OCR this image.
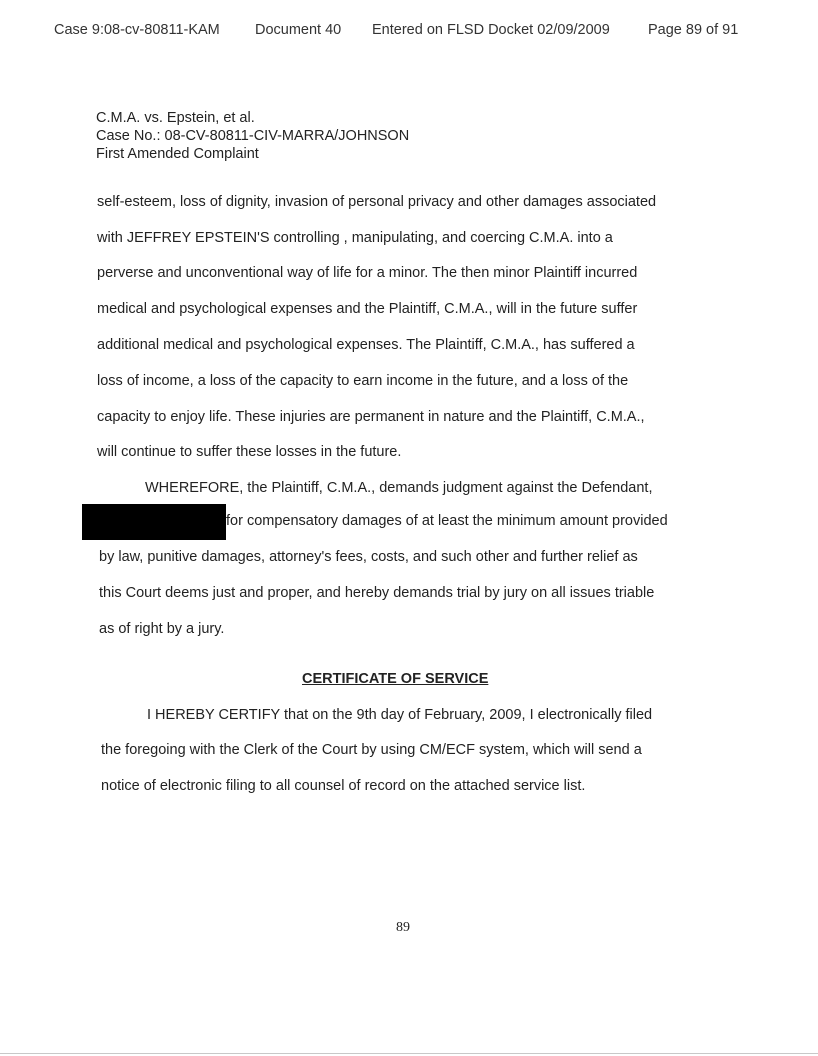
Case 9:08-cv-80811-KAM Document 40 Entered on FLSD Docket 02/09/2009	Page 89 of 91
C.M.A. vs. Epstein, et al.
Case No.: 08-CV-80811-CIV-MARRA/JOHNSON
First Amended Complaint
self-esteem, loss of dignity, invasion of personal privacy and other damages associated
with JEFFREY EPSTEIN'S controlling , manipulating, and coercing C.M.A. into a
perverse and unconventional way of life for a minor. The then minor Plaintiff incurred
medical and psychological expenses and the Plaintiff, C.M.A., will in the future suffer
additional medical and psychological expenses. The Plaintiff, C.M.A., has suffered a
loss of income, a loss of the capacity to earn income in the future, and a loss of the
capacity to enjoy life. These injuries are permanent in nature and the Plaintiff, C.M.A.,
will continue to suffer these losses in the future.
WHEREFORE, the Plaintiff, C.M.A., demands judgment against the Defendant,
for compensatory damages of at least the minimum amount provided
by law, punitive damages, attorney's fees, costs, and such other and further relief as
this Court deems just and proper, and hereby demands trial by jury on all issues triable
as of right by a jury.
CERTIFICATE OF SERVICE
I HEREBY CERTIFY that on the 9th day of February, 2009, I electronically filed
the foregoing with the Clerk of the Court by using CM/ECF system, which will send a
notice of electronic filing to all counsel of record on the attached service list.
89
